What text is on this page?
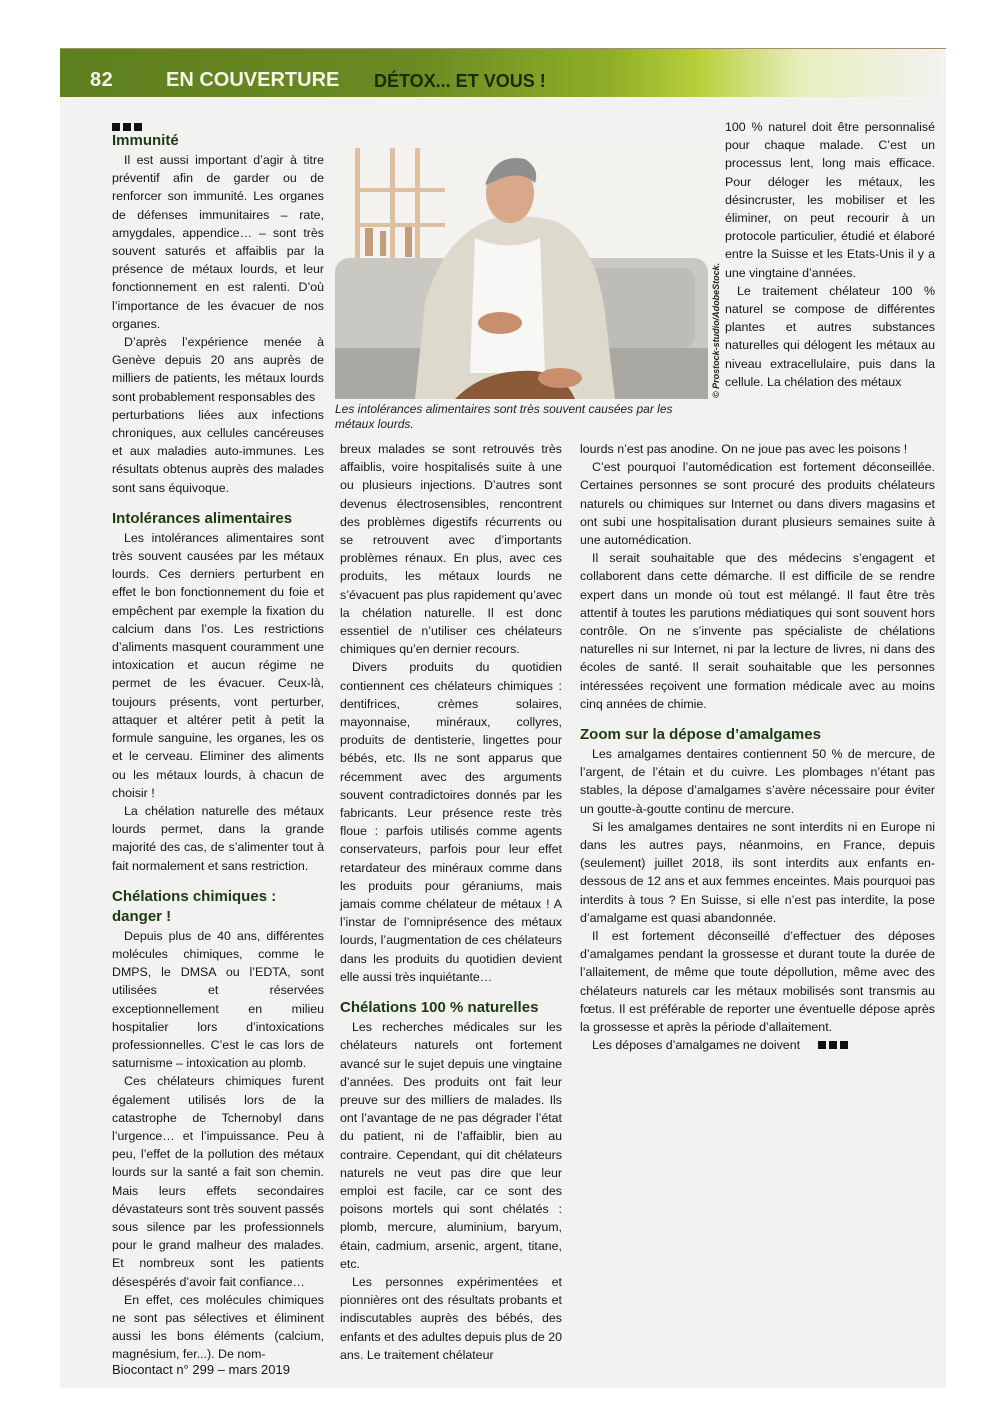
82	EN COUVERTURE DÉTOX... ET VOUS !
Immunité

Il est aussi important d’agir à titre préventif afin de garder ou de renforcer son immunité. Les organes de défenses immunitaires – rate, amygdales, appendice… – sont très souvent saturés et affaiblis par la présence de métaux lourds, et leur fonctionnement en est ralenti. D’où l’importance de les évacuer de nos organes.

D’après l’expérience menée à Genève depuis 20 ans auprès de milliers de patients, les métaux lourds sont probablement responsables des

perturbations liées aux infections chroniques, aux cellules cancéreuses et aux maladies auto-immunes. Les résultats obtenus auprès des malades sont sans équivoque.

Intolérances alimentaires

Les intolérances alimentaires sont très souvent causées par les métaux lourds. Ces derniers perturbent en effet le bon fonctionnement du foie et empêchent par exemple la fixation du calcium dans l’os. Les restrictions d’aliments masquent couramment une intoxication et aucun régime ne permet de les évacuer. Ceux-là, toujours présents, vont perturber, attaquer et altérer petit à petit la formule sanguine, les organes, les os et le cerveau. Eliminer des aliments ou les métaux lourds, à chacun de choisir !

La chélation naturelle des métaux lourds permet, dans la grande majorité des cas, de s’alimenter tout à fait normalement et sans restriction.

Chélations chimiques : danger !

Depuis plus de 40 ans, différentes molécules chimiques, comme le DMPS, le DMSA ou l’EDTA, sont utilisées et réservées exceptionnellement en milieu hospitalier lors d’intoxications professionnelles. C’est le cas lors de saturnisme – intoxication au plomb.

Ces chélateurs chimiques furent également utilisés lors de la catastrophe de Tchernobyl dans l’urgence… et l’impuissance. Peu à peu, l’effet de la pollution des métaux lourds sur la santé a fait son chemin. Mais leurs effets secondaires dévastateurs sont très souvent passés sous silence par les professionnels pour le grand malheur des malades. Et nombreux sont les patients désespérés d’avoir fait confiance…

En effet, ces molécules chimiques ne sont pas sélectives et éliminent aussi les bons éléments (calcium, magnésium, fer...). De nom-

Les intolérances alimentaires sont très souvent causées par les métaux lourds.
© Prostock-studio/AdobeStock.

breux malades se sont retrouvés très affaiblis, voire hospitalisés suite à une ou plusieurs injections. D’autres sont devenus électrosensibles, rencontrent des problèmes digestifs récurrents ou se retrouvent avec d’importants problèmes rénaux. En plus, avec ces produits, les métaux lourds ne s’évacuent pas plus rapidement qu’avec la chélation naturelle. Il est donc essentiel de n’utiliser ces chélateurs chimiques qu’en dernier recours.

Divers produits du quotidien contiennent ces chélateurs chimiques : dentifrices, crèmes solaires, mayonnaise, minéraux, collyres, produits de dentisterie, lingettes pour bébés, etc. Ils ne sont apparus que récemment avec des arguments souvent contradictoires donnés par les fabricants. Leur présence reste très floue : parfois utilisés comme agents conservateurs, parfois pour leur effet retardateur des minéraux comme dans les produits pour géraniums, mais jamais comme chélateur de métaux ! A l’instar de l’omniprésence des métaux lourds, l’augmentation de ces chélateurs dans les produits du quotidien devient elle aussi très inquiétante…

Chélations 100 % naturelles

Les recherches médicales sur les chélateurs naturels ont fortement avancé sur le sujet depuis une vingtaine d’années. Des produits ont fait leur preuve sur des milliers de malades. Ils ont l’avantage de ne pas dégrader l’état du patient, ni de l’affaiblir, bien au contraire. Cependant, qui dit chélateurs naturels ne veut pas dire que leur emploi est facile, car ce sont des poisons mortels qui sont chélatés : plomb, mercure, aluminium, baryum, étain, cadmium, arsenic, argent, titane, etc.

Les personnes expérimentées et pionnières ont des résultats probants et indiscutables auprès des bébés, des enfants et des adultes depuis plus de 20 ans. Le traitement chélateur

100 % naturel doit être personnalisé pour chaque malade. C’est un processus lent, long mais efficace. Pour déloger les métaux, les désincruster, les mobiliser et les éliminer, on peut recourir à un protocole particulier, étudié et élaboré entre la Suisse et les Etats-Unis il y a une vingtaine d’années.

Le traitement chélateur 100 % naturel se compose de différentes plantes et autres substances naturelles qui délogent les métaux au niveau extracellulaire, puis dans la cellule. La chélation des métaux

lourds n’est pas anodine. On ne joue pas avec les poisons !

C’est pourquoi l’automédication est fortement déconseillée. Certaines personnes se sont procuré des produits chélateurs naturels ou chimiques sur Internet ou dans divers magasins et ont subi une hospitalisation durant plusieurs semaines suite à une automédication.

Il serait souhaitable que des médecins s’engagent et collaborent dans cette démarche. Il est difficile de se rendre expert dans un monde où tout est mélangé. Il faut être très attentif à toutes les parutions médiatiques qui sont souvent hors contrôle. On ne s’invente pas spécialiste de chélations naturelles ni sur Internet, ni par la lecture de livres, ni dans des écoles de santé. Il serait souhaitable que les personnes intéressées reçoivent une formation médicale avec au moins cinq années de chimie.

Zoom sur la dépose d’amalgames

Les amalgames dentaires contiennent 50 % de mercure, de l’argent, de l’étain et du cuivre. Les plombages n’étant pas stables, la dépose d’amalgames s’avère nécessaire pour éviter un goutte-à-goutte continu de mercure.

Si les amalgames dentaires ne sont interdits ni en Europe ni dans les autres pays, néanmoins, en France, depuis (seulement) juillet 2018, ils sont interdits aux enfants en-dessous de 12 ans et aux femmes enceintes. Mais pourquoi pas interdits à tous ? En Suisse, si elle n’est pas interdite, la pose d’amalgame est quasi abandonnée.

Il est fortement déconseillé d’effectuer des déposes d’amalgames pendant la grossesse et durant toute la durée de l’allaitement, de même que toute dépollution, même avec des chélateurs naturels car les métaux mobilisés sont transmis au fœtus. Il est préférable de reporter une éventuelle dépose après la grossesse et après la période d’allaitement.

Les déposes d’amalgames ne doivent

Biocontact n° 299 – mars 2019
